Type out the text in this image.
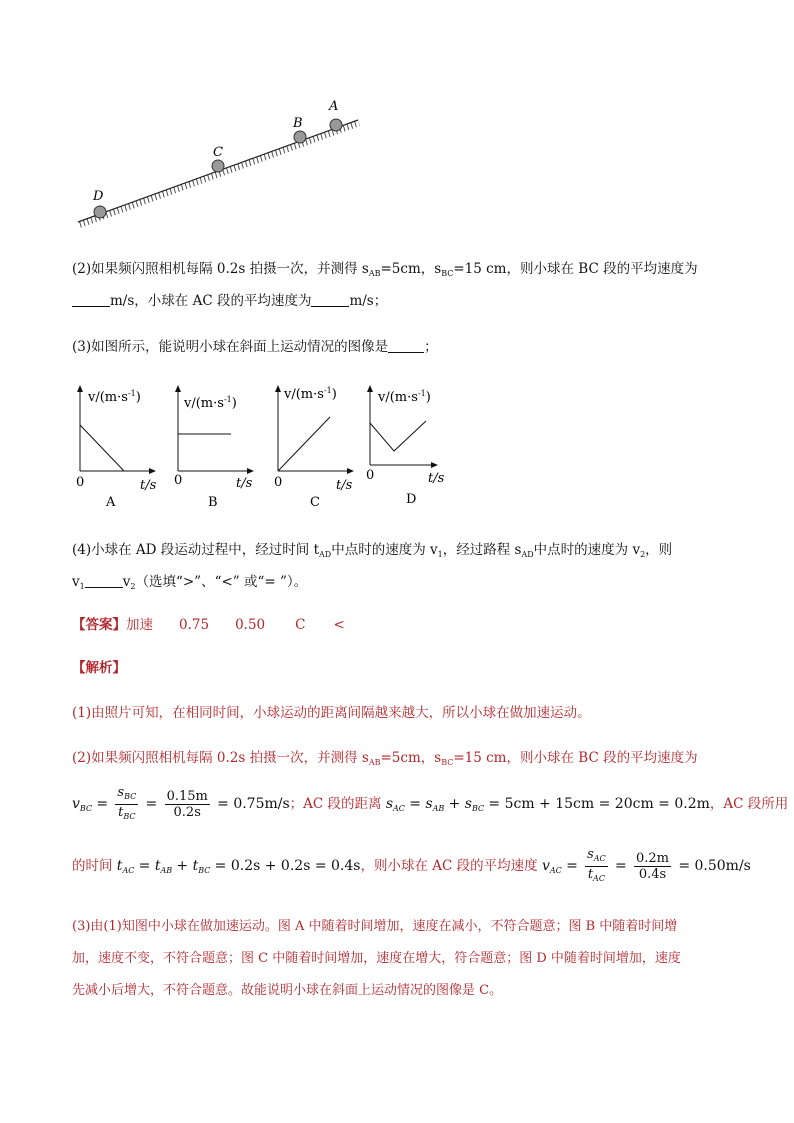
A
B
C
D
(2)如果频闪照相机每隔 0.2s 拍摄一次，并测得 $s_{AB}=5cm$，$s_{BC}=15$ cm，则小球在 BC 段的平均速度为
m/s，小球在 AC 段的平均速度为	m/s；
(3)如图所示，能说明小球在斜面上运动情况的图像是	；
$v/(m\cdot s^{-1})$
0	t/s
A
$v/(m\cdot s^{-1})$
0	t/s
B
$v/(m\cdot s^{-1})$
0	t/s
C
$v/(m\cdot s^{-1})$
0	t/s
D
(4)小球在 AD 段运动过程中，经过时间 $t_{AD}$中点时的速度为 $v_1$，经过路程 $s_{AD}$中点时的速度为 $v_2$，则
$v_1$	$v_2$（选填“>”、“<” 或“= ”）。
【答案】加速 0.75 0.50 C <
【解析】
(1)由照片可知，在相同时间，小球运动的距离间隔越来越大，所以小球在做加速运动。
(2)如果频闪照相机每隔 0.2s 拍摄一次，并测得 $s_{AB}=5cm$，$s_{BC}=15$ cm，则小球在 BC 段的平均速度为
$v_{BC} = \frac{s_{BC}}{t_{BC}} = \frac{0.15m}{0.2s} = 0.75m/s$；AC 段的距离 $s_{AC} = s_{AB} + s_{BC} = 5cm + 15cm = 20cm = 0.2m$，AC 段所用
的时间 $t_{AC} = t_{AB} + t_{BC} = 0.2s + 0.2s = 0.4s$，则小球在 AC 段的平均速度 $v_{AC} = \frac{s_{AC}}{t_{AC}} = \frac{0.2m}{0.4s} = 0.50m/s$
(3)由(1)知图中小球在做加速运动。图 A 中随着时间增加，速度在减小，不符合题意；图 B 中随着时间增
加，速度不变，不符合题意；图 C 中随着时间增加，速度在增大，符合题意；图 D 中随着时间增加，速度
先减小后增大，不符合题意。故能说明小球在斜面上运动情况的图像是 C。
